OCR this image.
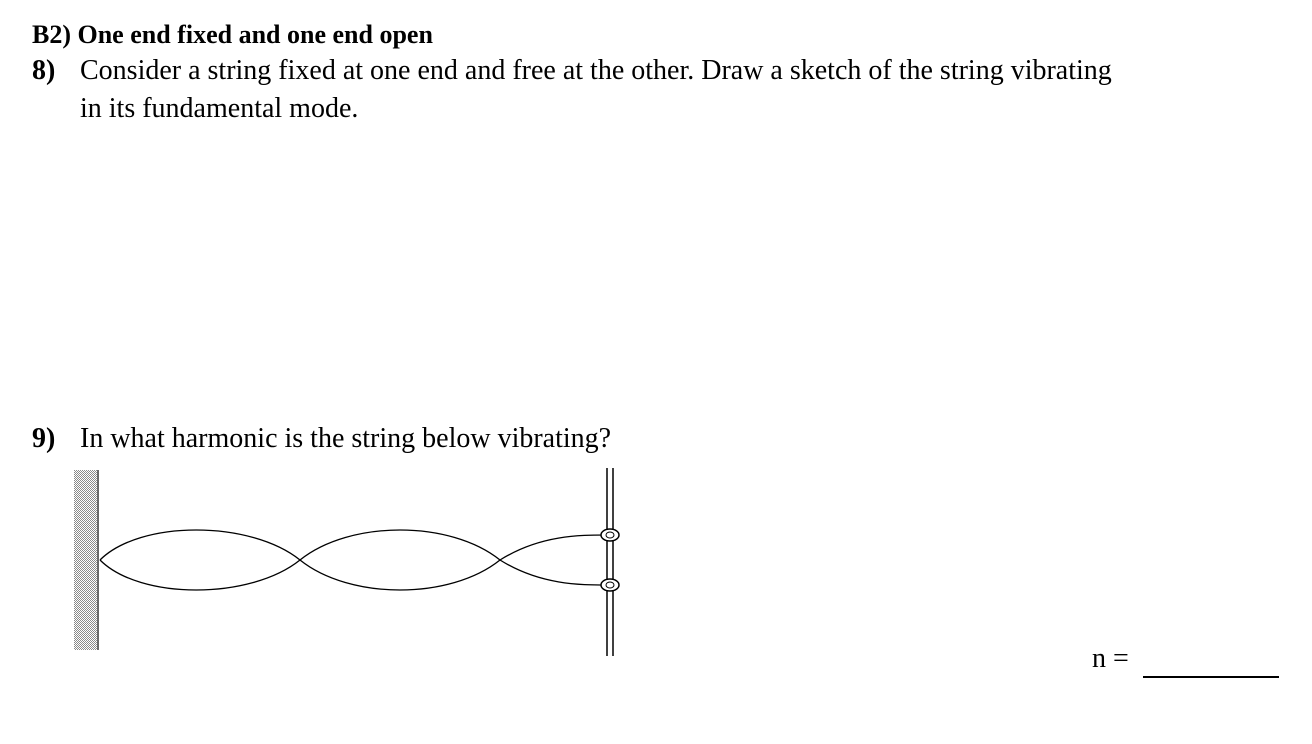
B2) One end fixed and one end open
8) Consider a string fixed at one end and free at the other. Draw a sketch of the string vibrating
in its fundamental mode.
9) In what harmonic is the string below vibrating?
n =
